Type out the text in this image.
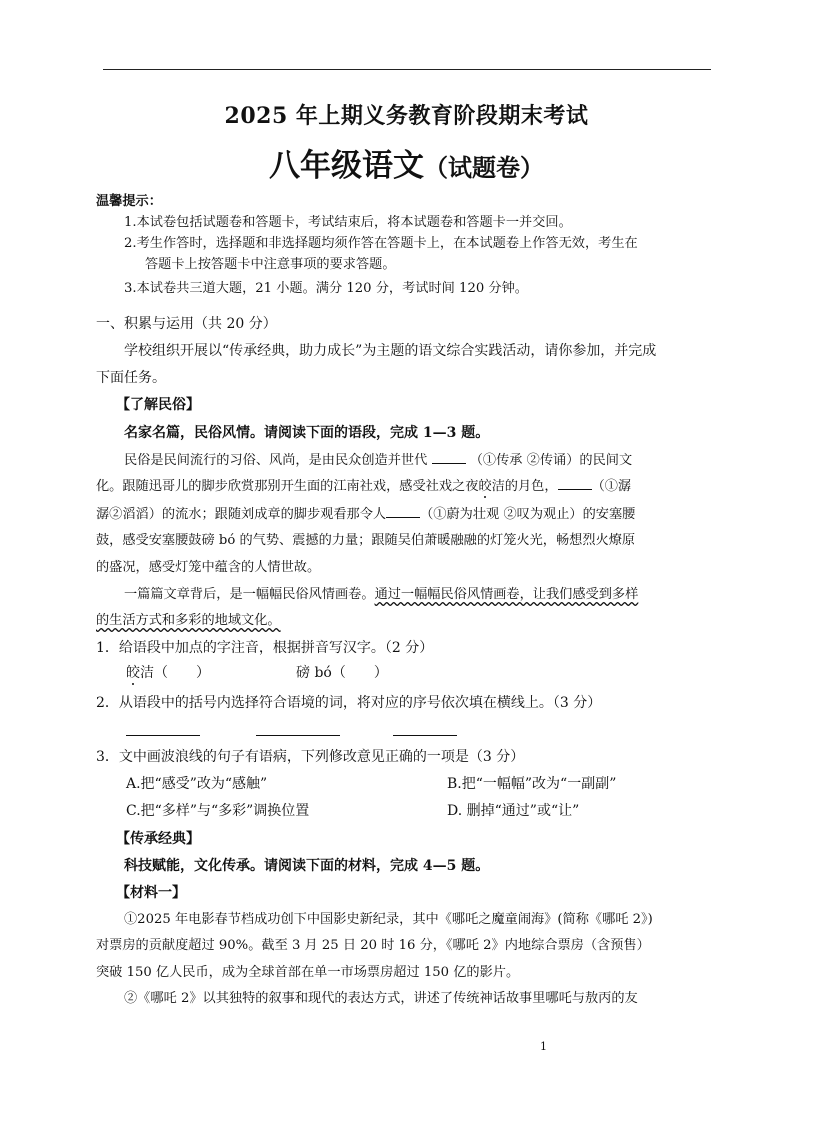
2025 年上期义务教育阶段期末考试
八年级语文（试题卷）
温馨提示：
1.本试卷包括试题卷和答题卡，考试结束后，将本试题卷和答题卡一并交回。
2.考生作答时，选择题和非选择题均须作答在答题卡上，在本试题卷上作答无效，考生在
答题卡上按答题卡中注意事项的要求答题。
3.本试卷共三道大题，21 小题。满分 120 分，考试时间 120 分钟。
一、积累与运用（共 20 分）
学校组织开展以“传承经典，助力成长”为主题的语文综合实践活动，请你参加，并完成
下面任务。
【了解民俗】
名家名篇，民俗风情。请阅读下面的语段，完成 1—3 题。
民俗是民间流行的习俗、风尚，是由民众创造并世代	（①传承 ②传诵）的民间文
化。跟随迅哥儿的脚步欣赏那别开生面的江南社戏，感受社戏之夜皎洁的月色，	（①潺
潺②滔滔）的流水；跟随刘成章的脚步观看那令人	（①蔚为壮观 ②叹为观止）的安塞腰
鼓，感受安塞腰鼓磅 bó 的气势、震撼的力量；跟随吴伯萧暖融融的灯笼火光，畅想烈火燎原
的盛况，感受灯笼中蕴含的人情世故。
一篇篇文章背后，是一幅幅民俗风情画卷。通过一幅幅民俗风情画卷，让我们感受到多样
的生活方式和多彩的地域文化。
1．给语段中加点的字注音，根据拼音写汉字。（2 分）
皎洁（　　）	磅 bó（　　）
2．从语段中的括号内选择符合语境的词，将对应的序号依次填在横线上。（3 分）
3．文中画波浪线的句子有语病，下列修改意见正确的一项是（3 分）
A.把“感受”改为“感触”	B.把“一幅幅”改为“一副副”
C.把“多样”与“多彩”调换位置	D. 删掉“通过”或“让”
【传承经典】
科技赋能，文化传承。请阅读下面的材料，完成 4—5 题。
【材料一】
①2025 年电影春节档成功创下中国影史新纪录，其中《哪吒之魔童闹海》(简称《哪吒 2》)
对票房的贡献度超过 90%。截至 3 月 25 日 20 时 16 分，《哪吒 2》内地综合票房（含预售）
突破 150 亿人民币，成为全球首部在单一市场票房超过 150 亿的影片。
②《哪吒 2》以其独特的叙事和现代的表达方式，讲述了传统神话故事里哪吒与敖丙的友
1
